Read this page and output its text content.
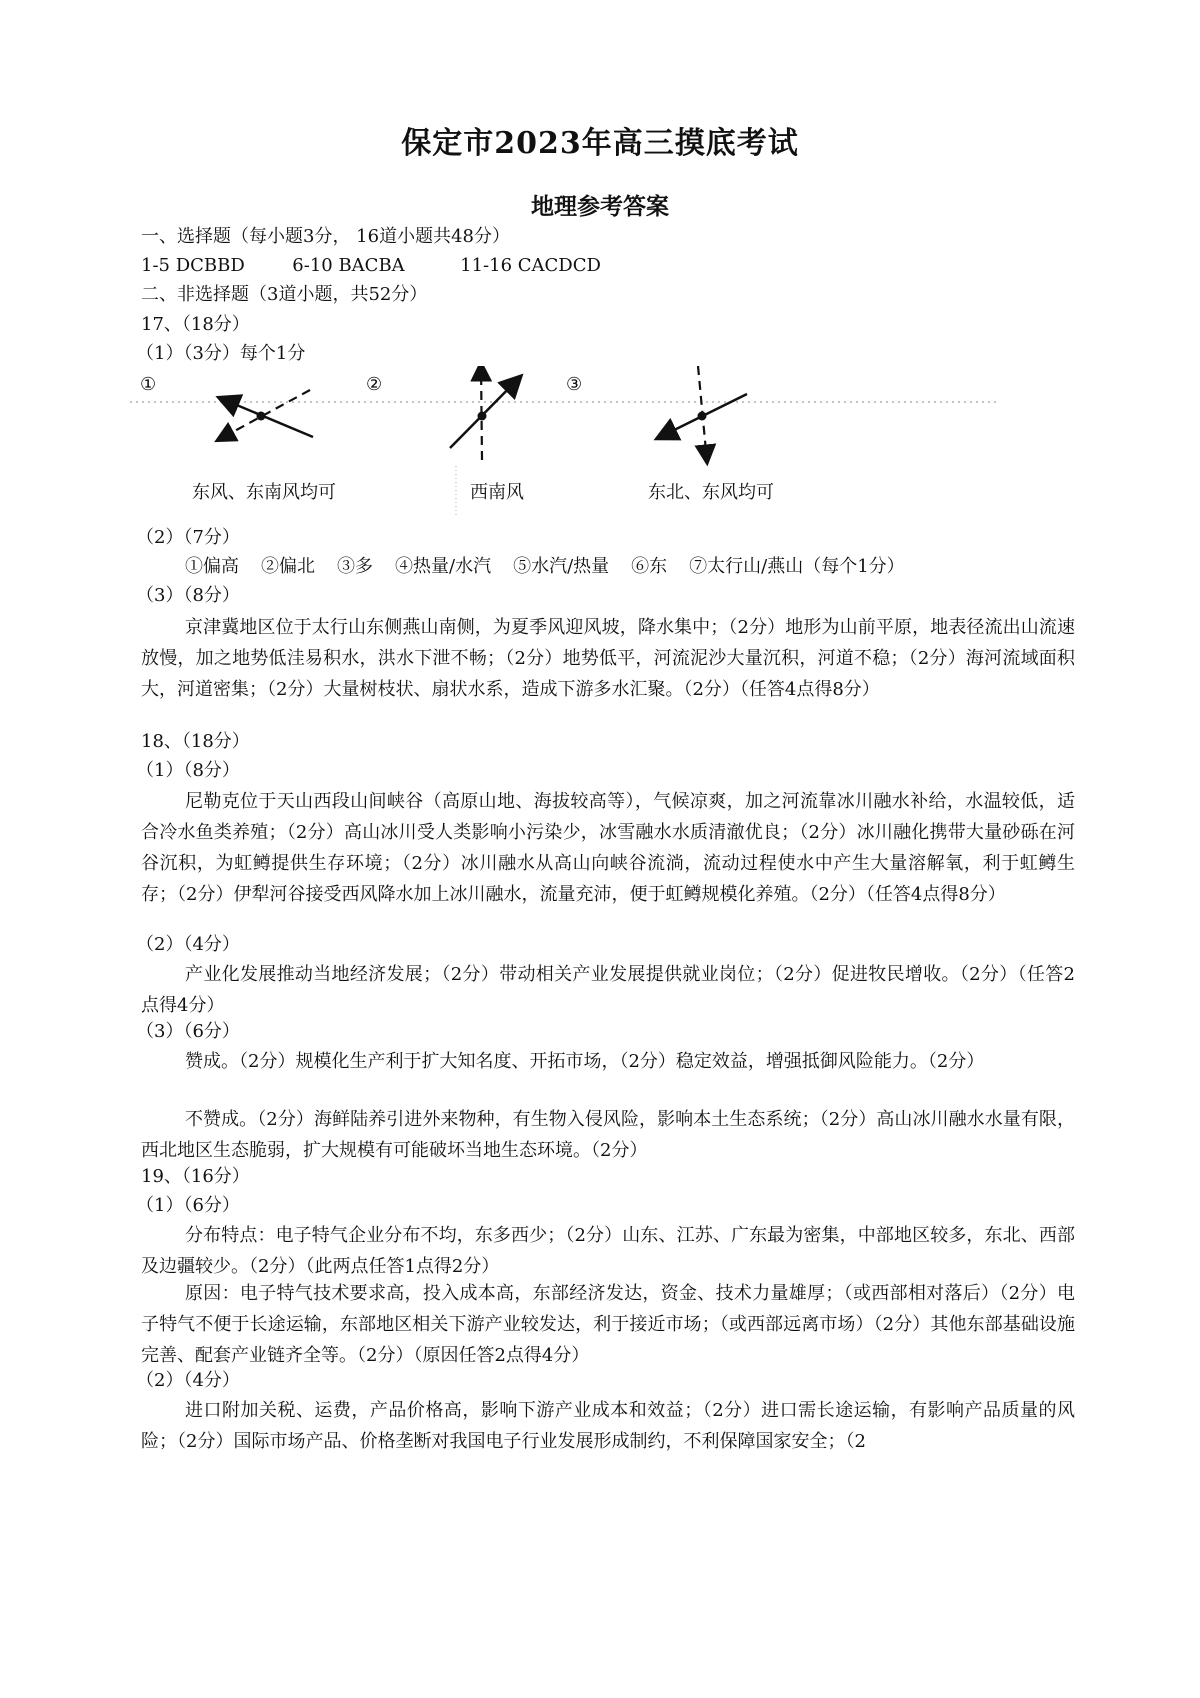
保定市2023年高三摸底考试
地理参考答案
一、选择题（每小题3分， 16道小题共48分）
1-5 DCBBD	6-10 BACBA	11-16 CACDCD
二、非选择题（3道小题，共52分）
17、（18分）
（1）（3分）每个1分
①	②	③
东风、东南风均可	西南风	东北、东风均可
（2）（7分）
①偏高 ②偏北 ③多 ④热量/水汽 ⑤水汽/热量 ⑥东 ⑦太行山/燕山（每个1分）
（3）（8分）

京津冀地区位于太行山东侧燕山南侧，为夏季风迎风坡，降水集中；（2分）地形为山前平原，地表径流出山流速放慢，加之地势低洼易积水，洪水下泄不畅；（2分）地势低平，河流泥沙大量沉积，河道不稳；（2分）海河流域面积大，河道密集；（2分）大量树枝状、扇状水系，造成下游多水汇聚。（2分）（任答4点得8分）

18、（18分）
（1）（8分）

尼勒克位于天山西段山间峡谷（高原山地、海拔较高等），气候凉爽，加之河流靠冰川融水补给，水温较低，适合冷水鱼类养殖；（2分）高山冰川受人类影响小污染少，冰雪融水水质清澈优良；（2分）冰川融化携带大量砂砾在河谷沉积，为虹鳟提供生存环境；（2分）冰川融水从高山向峡谷流淌，流动过程使水中产生大量溶解氧，利于虹鳟生存；（2分）伊犁河谷接受西风降水加上冰川融水，流量充沛，便于虹鳟规模化养殖。（2分）（任答4点得8分）

（2）（4分）

产业化发展推动当地经济发展；（2分）带动相关产业发展提供就业岗位；（2分）促进牧民增收。（2分）（任答2点得4分）

（3）（6分）

赞成。（2分）规模化生产利于扩大知名度、开拓市场，（2分）稳定效益，增强抵御风险能力。（2分）

不赞成。（2分）海鲜陆养引进外来物种，有生物入侵风险，影响本土生态系统；（2分）高山冰川融水水量有限，西北地区生态脆弱，扩大规模有可能破坏当地生态环境。（2分）

19、（16分）
（1）（6分）

分布特点：电子特气企业分布不均，东多西少；（2分）山东、江苏、广东最为密集，中部地区较多，东北、西部及边疆较少。（2分）（此两点任答1点得2分）

原因：电子特气技术要求高，投入成本高，东部经济发达，资金、技术力量雄厚；（或西部相对落后）（2分）电子特气不便于长途运输，东部地区相关下游产业较发达，利于接近市场；（或西部远离市场）（2分）其他东部基础设施完善、配套产业链齐全等。（2分）（原因任答2点得4分）

（2）（4分）

进口附加关税、运费，产品价格高，影响下游产业成本和效益；（2分）进口需长途运输，有影响产品质量的风险；（2分）国际市场产品、价格垄断对我国电子行业发展形成制约，不利保障国家安全；（2
